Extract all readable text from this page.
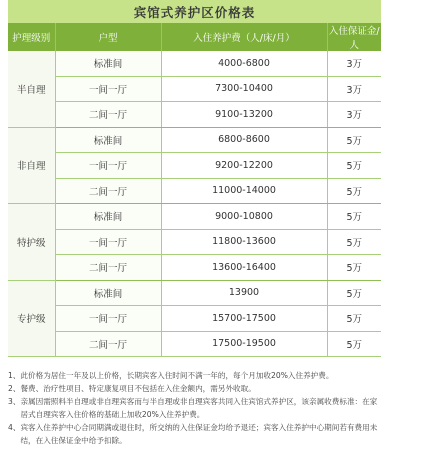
宾馆式养护区价格表
护理级别	户型	入住养护费（人/床/月）	入住保证金/人
半自理	标准间	4000-6800	3万
	一间一厅	7300-10400	3万
	二间一厅	9100-13200	3万
非自理	标准间	6800-8600	5万
	一间一厅	9200-12200	5万
	二间一厅	11000-14000	5万
特护级	标准间	9000-10800	5万
	一间一厅	11800-13600	5万
	二间一厅	13600-16400	5万
专护级	标准间	13900	5万
	一间一厅	15700-17500	5万
	二间一厅	17500-19500	5万
1、 此价格为居住一年及以上价格，长期宾客入住时间不满一年的，每个月加收20%入住养护费。
2、 餐费、治疗性项目、特定康复项目不包括在入住金额内，需另外收取。
3、 亲属因需照料半自理或非自理宾客而与半自理或非自理宾客共同入住宾馆式养护区，该亲属收费标准：在家居式自理宾客入住价格的基础上加收20%入住养护费。
4、 宾客入住养护中心合同期满或退住时，所交纳的入住保证金均给予退还；宾客入住养护中心期间若有费用未结，在入住保证金中给予扣除。
